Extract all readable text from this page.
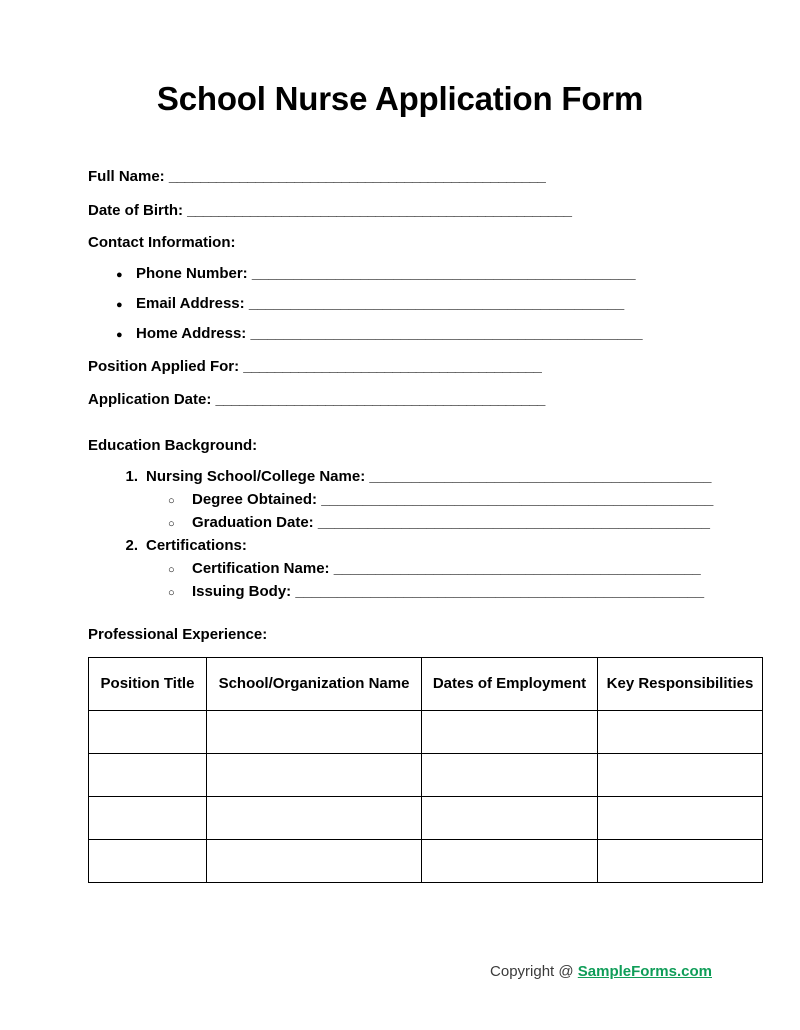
School Nurse Application Form

Full Name: ________________________________________________

Date of Birth: _________________________________________________

Contact Information:

● Phone Number: ______________________________________________
● Email Address: _____________________________________________
● Home Address: _______________________________________________

Position Applied For: ______________________________________

Application Date: __________________________________________

Education Background:

Nursing School/College Name: _________________________________________
○ Degree Obtained: _______________________________________________
○ Graduation Date: _______________________________________________
Certifications:
○ Certification Name: ____________________________________________
○ Issuing Body: _________________________________________________

Professional Experience:

Position Title	School/Organization Name	Dates of Employment	Key Responsibilities

Copyright @ SampleForms.com
